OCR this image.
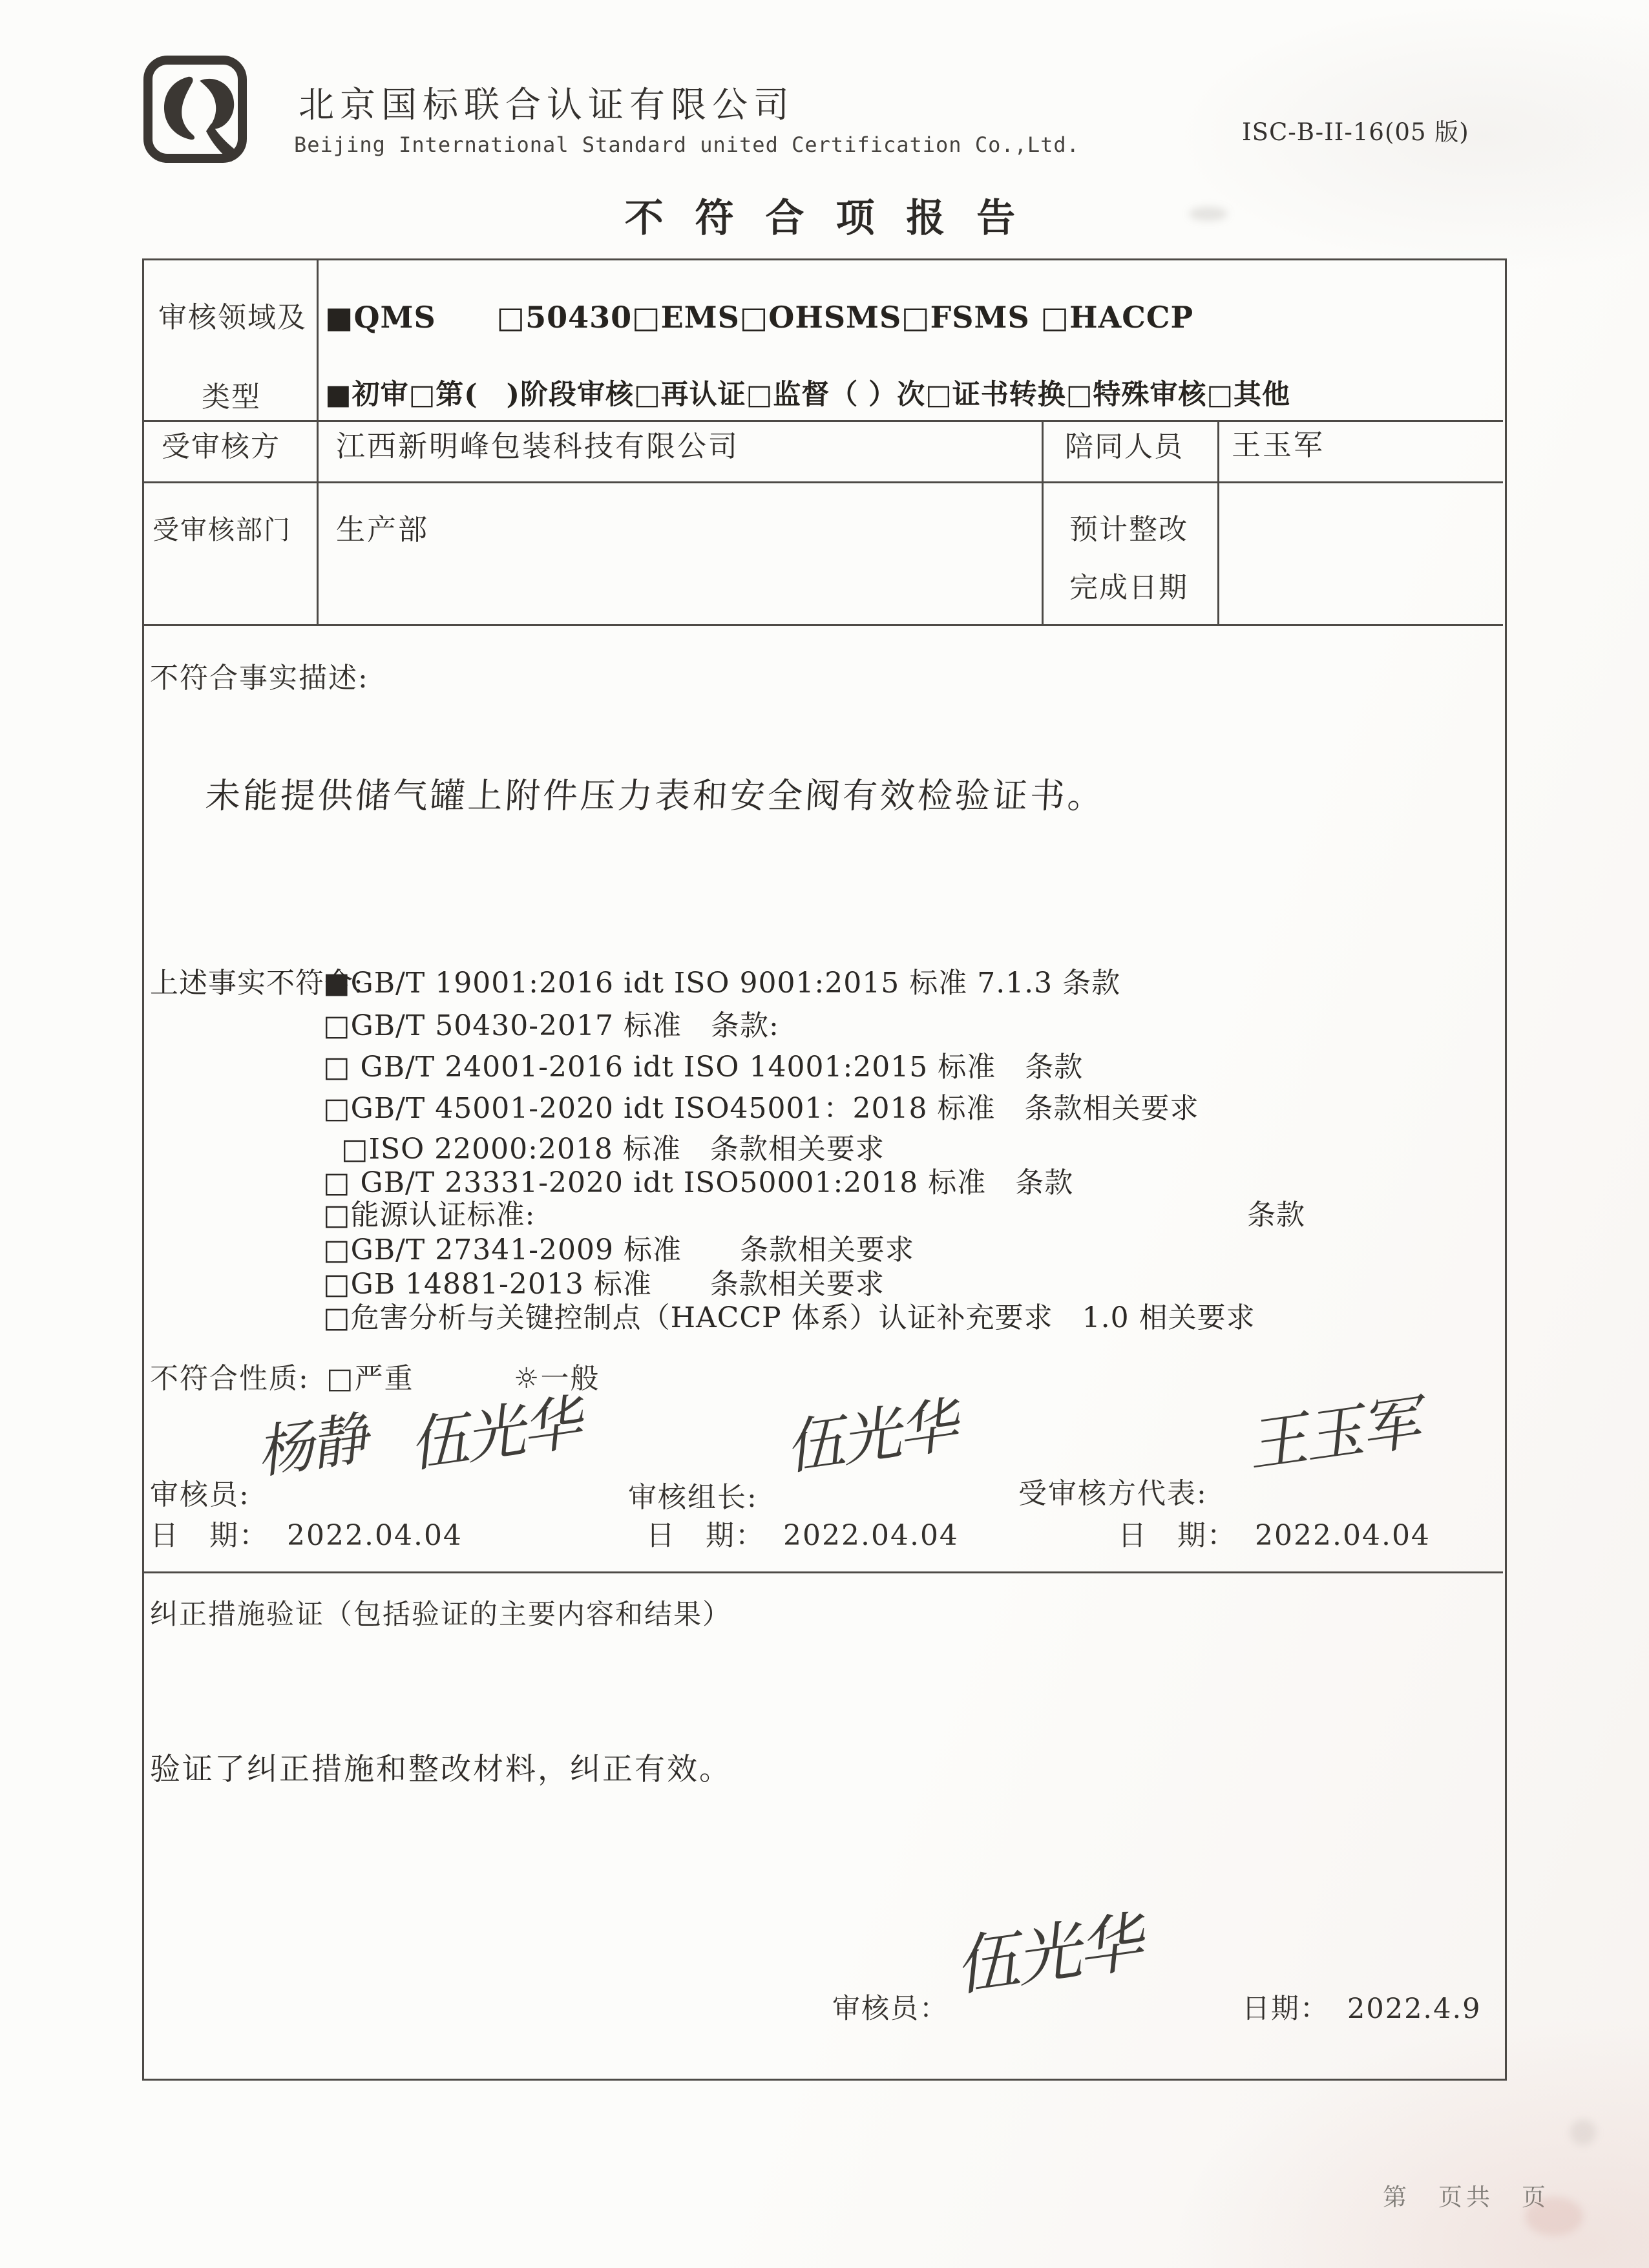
北京国标联合认证有限公司
Beijing International Standard united Certification Co.,Ltd.	ISC-B-II-16(05 版)
不 符 合 项 报 告
审核领域及
类型
■QMS　　□50430□EMS□OHSMS□FSMS □HACCP
■初审□第(　)阶段审核□再认证□监督（ ）次□证书转换□特殊审核□其他
受审核方 江西新明峰包装科技有限公司	陪同人员 王玉军
受审核部门 生产部	预计整改
完成日期
不符合事实描述:
未能提供储气罐上附件压力表和安全阀有效检验证书。
上述事实不符合:
■GB/T 19001:2016 idt ISO 9001:2015 标准 7.1.3 条款
□GB/T 50430-2017 标准　条款:
□ GB/T 24001-2016 idt ISO 14001:2015 标准　条款
□GB/T 45001-2020 idt ISO45001：2018 标准　条款相关要求
□ISO 22000:2018 标准　条款相关要求
□ GB/T 23331-2020 idt ISO50001:2018 标准　条款
□能源认证标准:	条款
□GB/T 27341-2009 标准　　条款相关要求
□GB 14881-2013 标准　　条款相关要求
□危害分析与关键控制点（HACCP 体系）认证补充要求　1.0 相关要求
不符合性质: □严重	☼一般
审核员:
杨静 伍光华
审核组长:
伍光华
受审核方代表:
王玉军
日　期： 2022.04.04	日　期： 2022.04.04	日　期： 2022.04.04
纠正措施验证（包括验证的主要内容和结果）
验证了纠正措施和整改材料，纠正有效。
审核员：
伍光华
日期： 2022.4.9
第　页共　页
